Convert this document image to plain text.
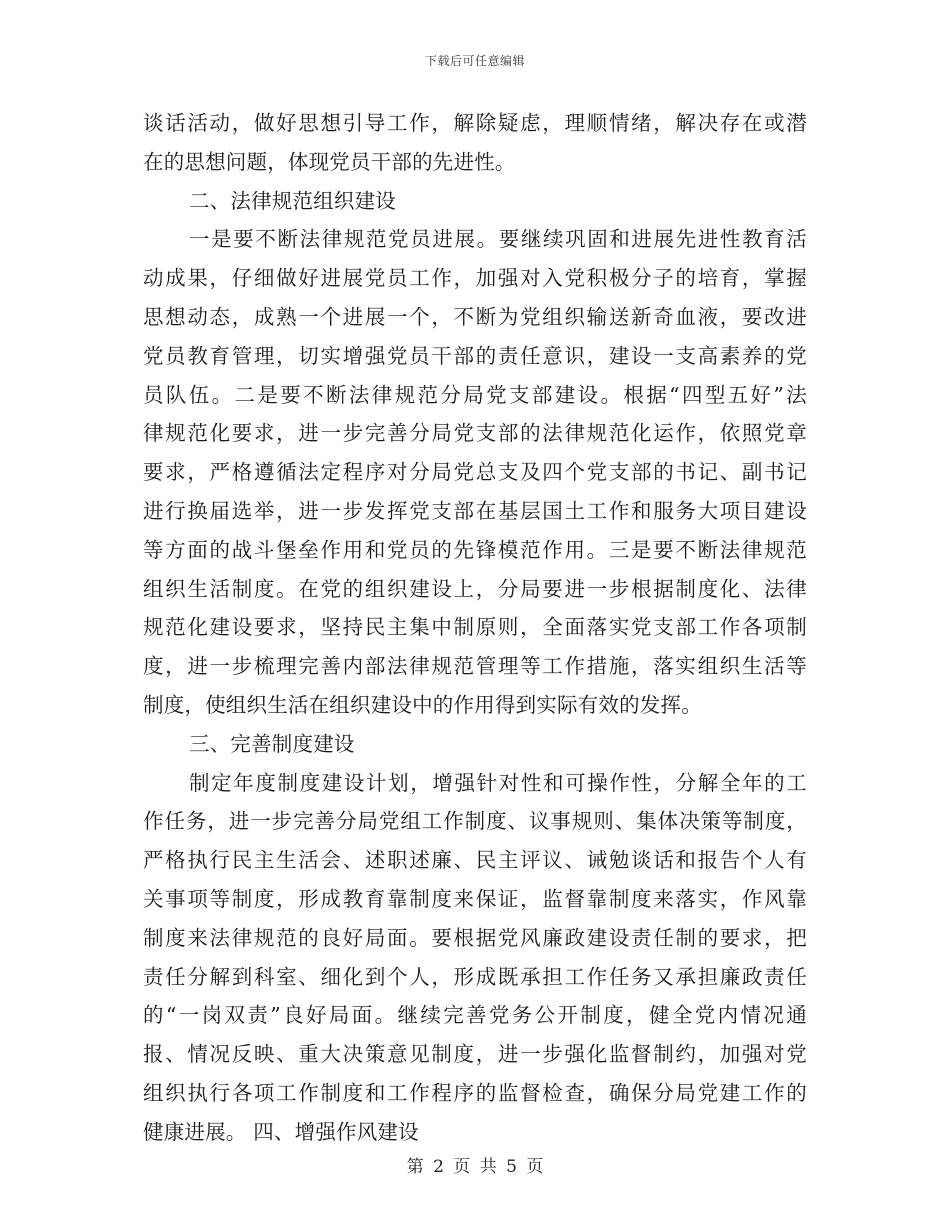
下载后可任意编辑
谈话活动，做好思想引导工作，解除疑虑，理顺情绪，解决存在或潜
在的思想问题，体现党员干部的先进性。
二、法律规范组织建设
一是要不断法律规范党员进展。要继续巩固和进展先进性教育活
动成果，仔细做好进展党员工作，加强对入党积极分子的培育，掌握
思想动态，成熟一个进展一个，不断为党组织输送新奇血液，要改进
党员教育管理，切实增强党员干部的责任意识，建设一支高素养的党
员队伍。二是要不断法律规范分局党支部建设。根据“四型五好”法
律规范化要求，进一步完善分局党支部的法律规范化运作，依照党章
要求，严格遵循法定程序对分局党总支及四个党支部的书记、副书记
进行换届选举，进一步发挥党支部在基层国土工作和服务大项目建设
等方面的战斗堡垒作用和党员的先锋模范作用。三是要不断法律规范
组织生活制度。在党的组织建设上，分局要进一步根据制度化、法律
规范化建设要求，坚持民主集中制原则，全面落实党支部工作各项制
度，进一步梳理完善内部法律规范管理等工作措施，落实组织生活等
制度，使组织生活在组织建设中的作用得到实际有效的发挥。
三、完善制度建设
制定年度制度建设计划，增强针对性和可操作性，分解全年的工
作任务，进一步完善分局党组工作制度、议事规则、集体决策等制度，
严格执行民主生活会、述职述廉、民主评议、诫勉谈话和报告个人有
关事项等制度，形成教育靠制度来保证，监督靠制度来落实，作风靠
制度来法律规范的良好局面。要根据党风廉政建设责任制的要求，把
责任分解到科室、细化到个人，形成既承担工作任务又承担廉政责任
的“一岗双责”良好局面。继续完善党务公开制度，健全党内情况通
报、情况反映、重大决策意见制度，进一步强化监督制约，加强对党
组织执行各项工作制度和工作程序的监督检查，确保分局党建工作的
健康进展。 四、增强作风建设
第 2 页 共 5 页
